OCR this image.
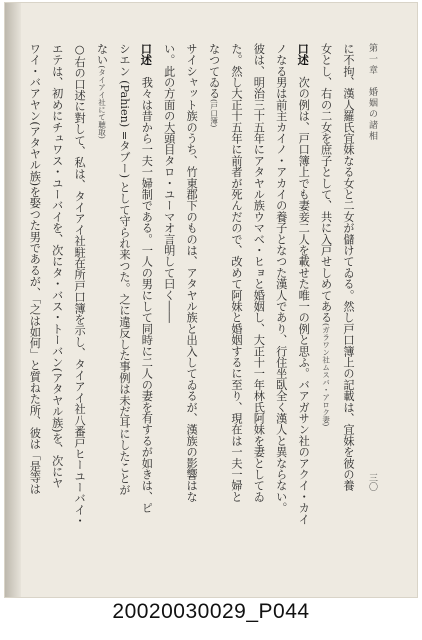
第一章　婚姻の諸相
三〇
に不拘、漢人羅氏宜妹なる女と二女が儲けてゐる。然し戸口簿上の記載は、宜妹を彼の養
女とし、右の二女を庶子として、共に入戸せしめてある(ガラワン社ムスバ・アロク妻)
口述　次の例は、戸口簿上でも妻妾二人を載せた唯一の例と思ふ。バアガサン社のアクイ・カイ
ノなる男は前主カイノ・アカイの養子となつた漢人であり、行住坐臥全く漢人と異ならない。
彼は、明治三十五年にアタヤル族ウマベ・ヒョと婚姻し、大正十一年林氏阿妹を妻としてゐ
た。然し大正十五年に前者が死んだので、改めて阿妹と婚姻するに至り、現在は一夫一婦と
なつてゐる(戸口簿)
サイシャット族のうち、竹東郡下のものは、アタヤル族と出入してゐるが、漢族の影響はな
い。此の方面の大頭目タロ・ユーマオ言明して曰く――
口述　我々は昔から一夫一婦制である。一人の男にして同時に二人の妻を有するが如きは、ピ
シエン (Pahien) =タブー) として守られ来つた。之に違反した事例は未だ耳にしたことが
ない(タイアイ社にて聴取)
○右の口述に對して、私は、タイアイ社駐在所戸口簿を示し、タイアイ社八番戸ヒーユーバイ・
エテは、初めにチュワス・ユーバイを、次にタ・バス・トーバン(アタヤル族)を、次にヤ
ワイ・バアヤン(アタヤル族)を娶つた男であるが、「之は如何」と質ねた所、彼は「是等は
20020030029_P044
